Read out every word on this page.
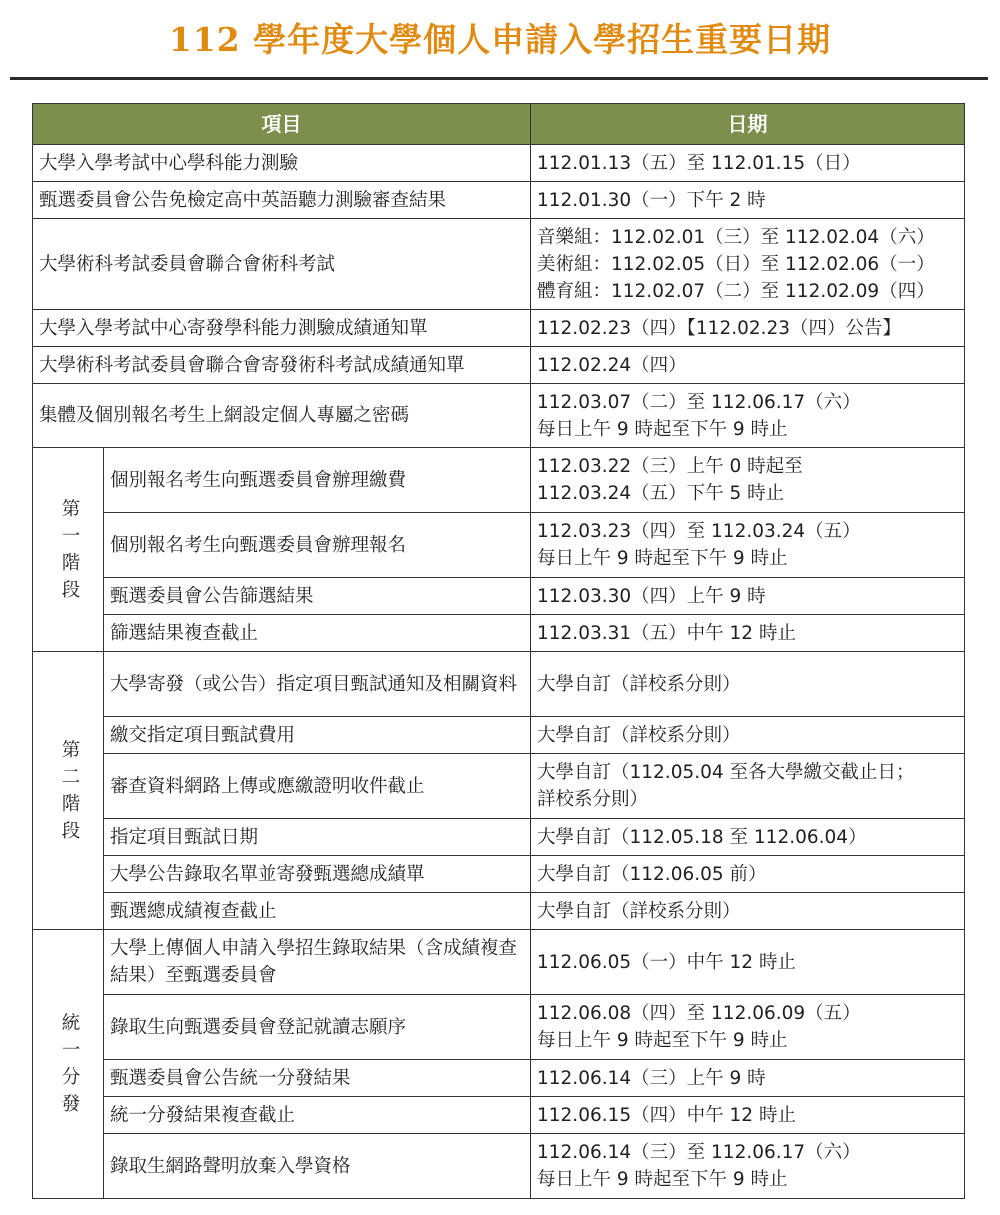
112 學年度大學個人申請入學招生重要日期
項目		日期
大學入學考試中心學科能力測驗		112.01.13（五）至 112.01.15（日）

甄選委員會公告免檢定高中英語聽力測驗審查結果		112.01.30（一）下午 2 時

大學術科考試委員會聯合會術科考試		音樂組：112.02.01（三）至 112.02.04（六）
美術組：112.02.05（日）至 112.02.06（一）
體育組：112.02.07（二）至 112.02.09（四）

大學入學考試中心寄發學科能力測驗成績通知單		112.02.23（四）【112.02.23（四）公告】

大學術科考試委員會聯合會寄發術科考試成績通知單		112.02.24（四）

集體及個別報名考生上網設定個人專屬之密碼		112.03.07（二）至 112.06.17（六）
每日上午 9 時起至下午 9 時止

第一階段	個別報名考生向甄選委員會辦理繳費	112.03.22（三）上午 0 時起至
112.03.24（五）下午 5 時止

	個別報名考生向甄選委員會辦理報名	112.03.23（四）至 112.03.24（五）
每日上午 9 時起至下午 9 時止

	甄選委員會公告篩選結果	112.03.30（四）上午 9 時

	篩選結果複查截止	112.03.31（五）中午 12 時止

第二階段	大學寄發（或公告）指定項目甄試通知及相關資料	大學自訂（詳校系分則）

	繳交指定項目甄試費用	大學自訂（詳校系分則）

	審查資料網路上傳或應繳證明收件截止	大學自訂（112.05.04 至各大學繳交截止日；
詳校系分則）

	指定項目甄試日期	大學自訂（112.05.18 至 112.06.04）

	大學公告錄取名單並寄發甄選總成績單	大學自訂（112.06.05 前）

	甄選總成績複查截止	大學自訂（詳校系分則）

統一分發	大學上傳個人申請入學招生錄取結果（含成績複查結果）至甄選委員會	112.06.05（一）中午 12 時止

	錄取生向甄選委員會登記就讀志願序	112.06.08（四）至 112.06.09（五）
每日上午 9 時起至下午 9 時止

	甄選委員會公告統一分發結果	112.06.14（三）上午 9 時

	統一分發結果複查截止	112.06.15（四）中午 12 時止

	錄取生網路聲明放棄入學資格	112.06.14（三）至 112.06.17（六）
每日上午 9 時起至下午 9 時止
